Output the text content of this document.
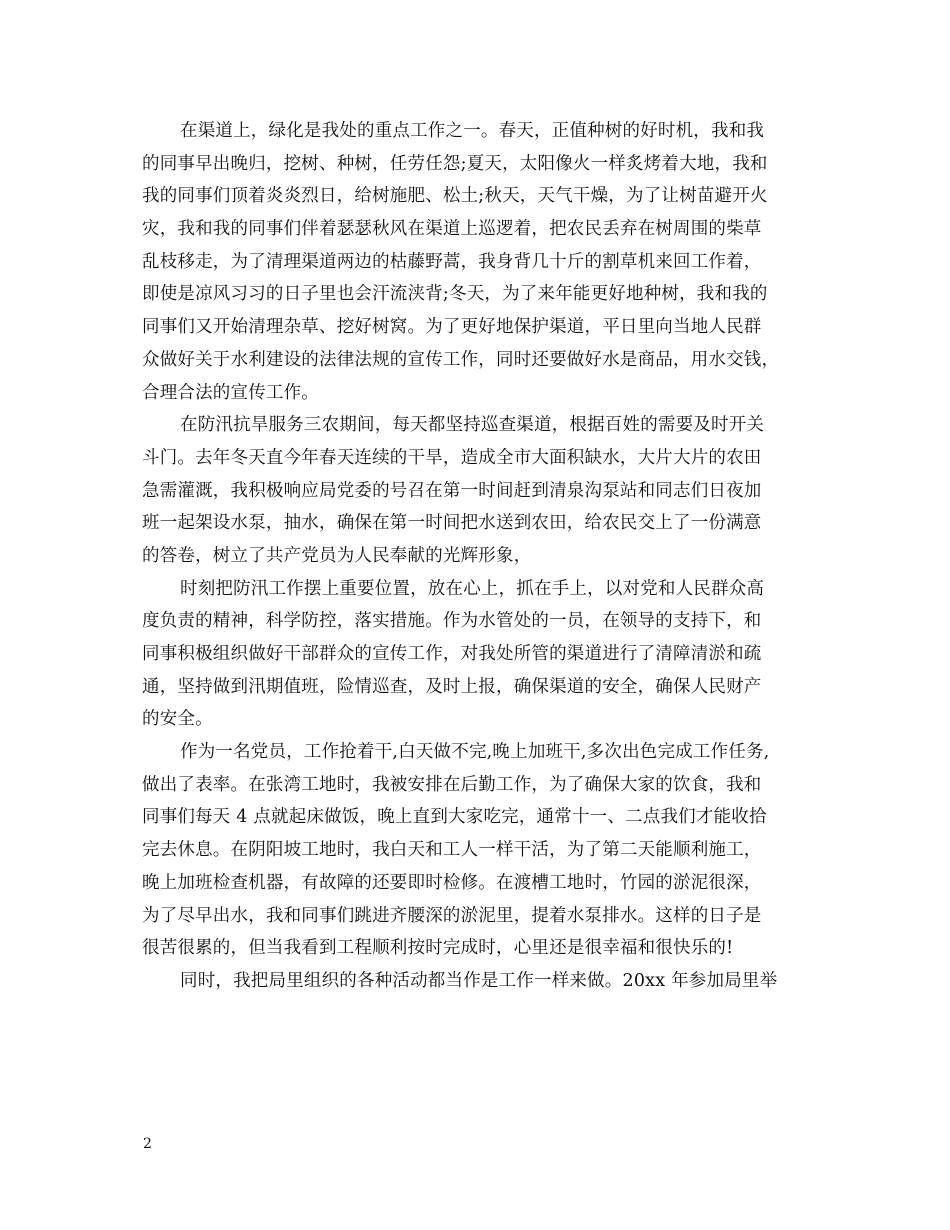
在渠道上，绿化是我处的重点工作之一。春天，正值种树的好时机，我和我
的同事早出晚归，挖树、种树，任劳任怨;夏天，太阳像火一样炙烤着大地，我和
我的同事们顶着炎炎烈日，给树施肥、松土;秋天，天气干燥，为了让树苗避开火
灾，我和我的同事们伴着瑟瑟秋风在渠道上巡逻着，把农民丢弃在树周围的柴草
乱枝移走，为了清理渠道两边的枯藤野蒿，我身背几十斤的割草机来回工作着，
即使是凉风习习的日子里也会汗流浃背;冬天，为了来年能更好地种树，我和我的
同事们又开始清理杂草、挖好树窝。为了更好地保护渠道，平日里向当地人民群
众做好关于水利建设的法律法规的宣传工作，同时还要做好水是商品，用水交钱，
合理合法的宣传工作。
在防汛抗旱服务三农期间，每天都坚持巡查渠道，根据百姓的需要及时开关
斗门。去年冬天直今年春天连续的干旱，造成全市大面积缺水，大片大片的农田
急需灌溉，我积极响应局党委的号召在第一时间赶到清泉沟泵站和同志们日夜加
班一起架设水泵，抽水，确保在第一时间把水送到农田，给农民交上了一份满意
的答卷，树立了共产党员为人民奉献的光辉形象，
时刻把防汛工作摆上重要位置，放在心上，抓在手上，以对党和人民群众高
度负责的精神，科学防控，落实措施。作为水管处的一员，在领导的支持下，和
同事积极组织做好干部群众的宣传工作，对我处所管的渠道进行了清障清淤和疏
通，坚持做到汛期值班，险情巡查，及时上报，确保渠道的安全，确保人民财产
的安全。
作为一名党员，工作抢着干,白天做不完,晚上加班干,多次出色完成工作任务,
做出了表率。在张湾工地时，我被安排在后勤工作，为了确保大家的饮食，我和
同事们每天 4 点就起床做饭，晚上直到大家吃完，通常十一、二点我们才能收拾
完去休息。在阴阳坡工地时，我白天和工人一样干活，为了第二天能顺利施工，
晚上加班检查机器，有故障的还要即时检修。在渡槽工地时，竹园的淤泥很深，
为了尽早出水，我和同事们跳进齐腰深的淤泥里，提着水泵排水。这样的日子是
很苦很累的，但当我看到工程顺利按时完成时，心里还是很幸福和很快乐的!
同时，我把局里组织的各种活动都当作是工作一样来做。20xx 年参加局里举
2
